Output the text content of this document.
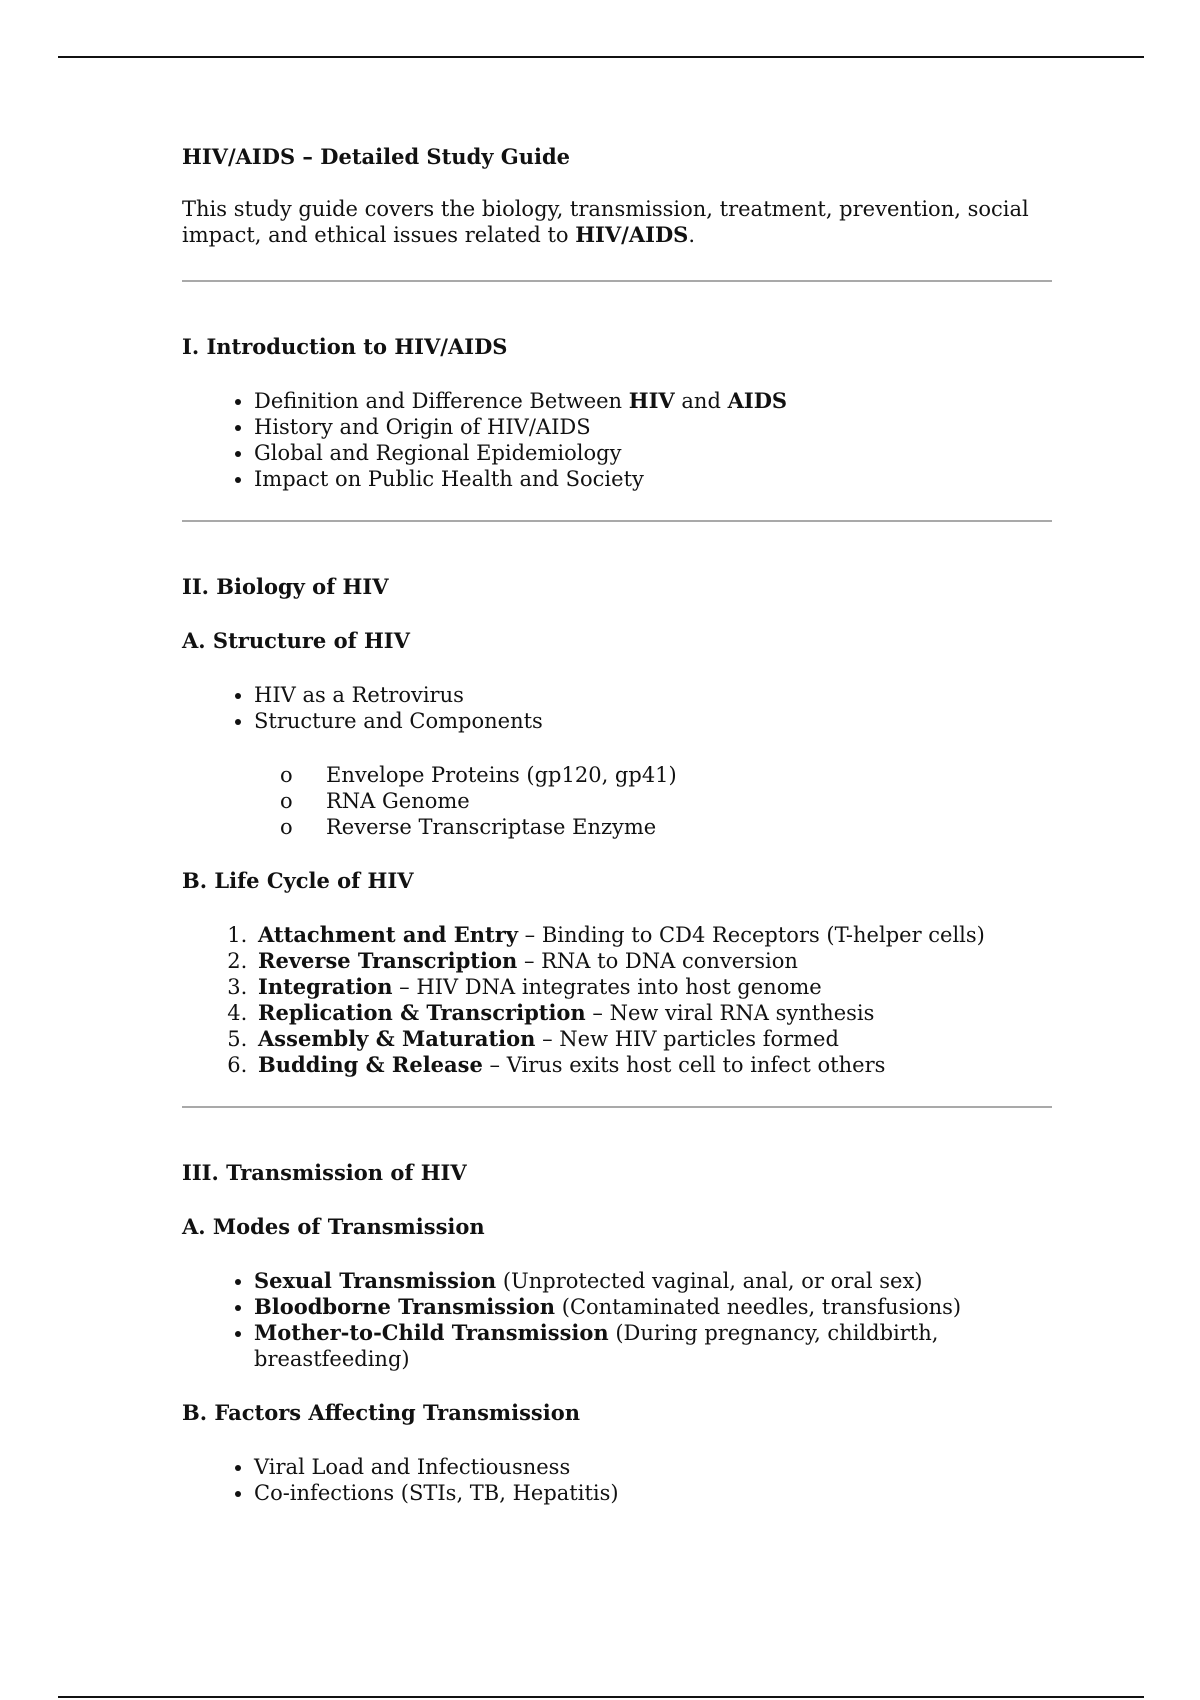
HIV/AIDS – Detailed Study Guide

This study guide covers the biology, transmission, treatment, prevention, social impact, and ethical issues related to HIV/AIDS.

I. Introduction to HIV/AIDS

• Definition and Difference Between HIV and AIDS
• History and Origin of HIV/AIDS
• Global and Regional Epidemiology
• Impact on Public Health and Society

II. Biology of HIV

A. Structure of HIV

• HIV as a Retrovirus
• Structure and Components
o Envelope Proteins (gp120, gp41)
o RNA Genome
o Reverse Transcriptase Enzyme

B. Life Cycle of HIV

1. Attachment and Entry – Binding to CD4 Receptors (T-helper cells)
2. Reverse Transcription – RNA to DNA conversion
3. Integration – HIV DNA integrates into host genome
4. Replication & Transcription – New viral RNA synthesis
5. Assembly & Maturation – New HIV particles formed
6. Budding & Release – Virus exits host cell to infect others

III. Transmission of HIV

A. Modes of Transmission

• Sexual Transmission (Unprotected vaginal, anal, or oral sex)
• Bloodborne Transmission (Contaminated needles, transfusions)
• Mother-to-Child Transmission (During pregnancy, childbirth, breastfeeding)

B. Factors Affecting Transmission

• Viral Load and Infectiousness
• Co-infections (STIs, TB, Hepatitis)
